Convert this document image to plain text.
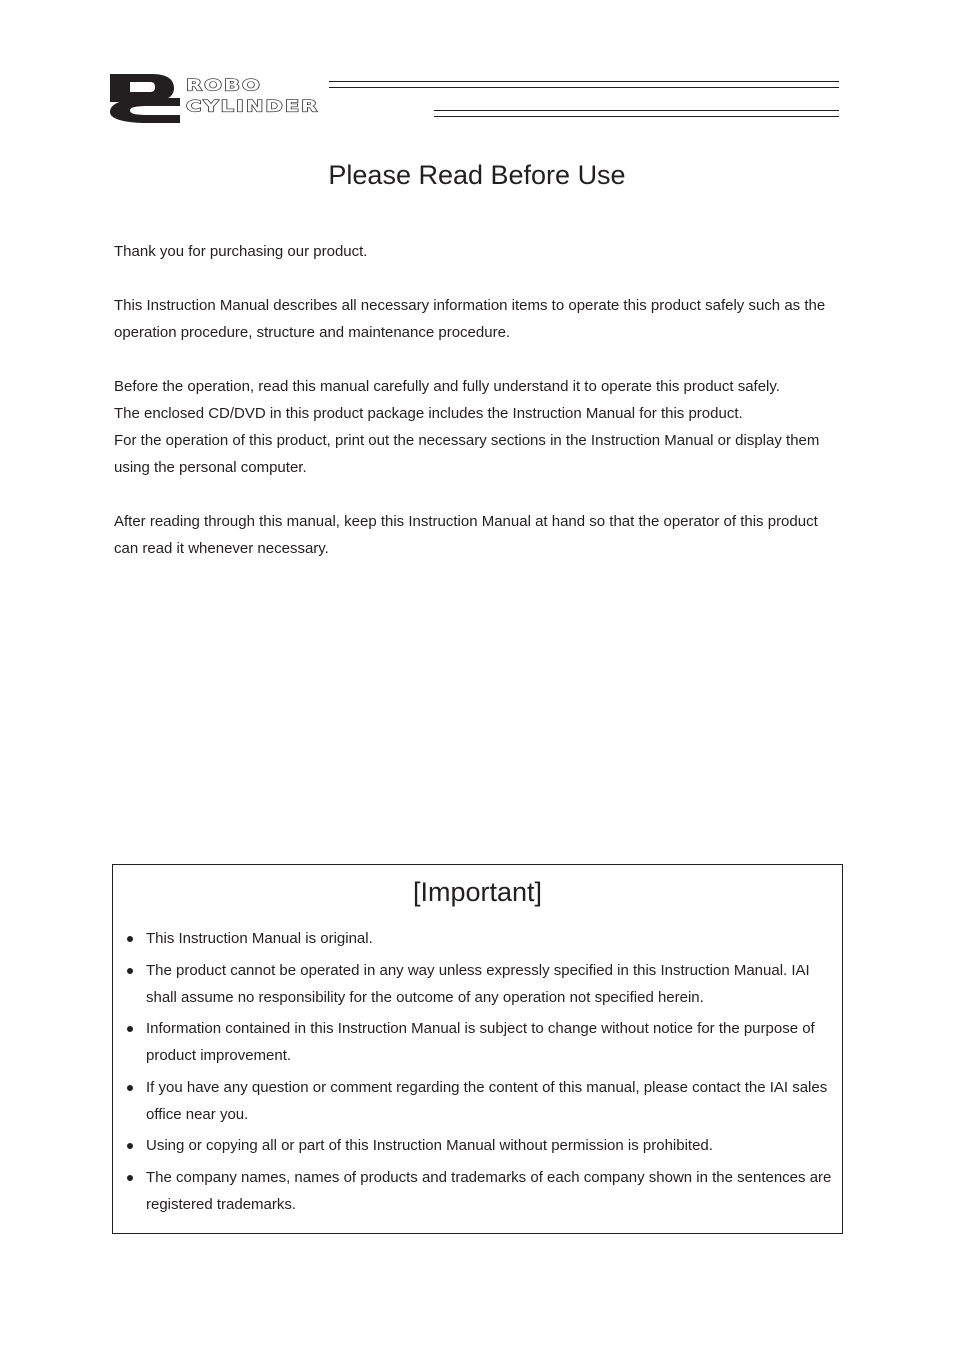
ROBO
CYLINDER
Please Read Before Use

Thank you for purchasing our product.

This Instruction Manual describes all necessary information items to operate this product safely such as the operation procedure, structure and maintenance procedure.

Before the operation, read this manual carefully and fully understand it to operate this product safely.
The enclosed CD/DVD in this product package includes the Instruction Manual for this product.
For the operation of this product, print out the necessary sections in the Instruction Manual or display them using the personal computer.

After reading through this manual, keep this Instruction Manual at hand so that the operator of this product can read it whenever necessary.

[Important]
This Instruction Manual is original.
The product cannot be operated in any way unless expressly specified in this Instruction Manual. IAI shall assume no responsibility for the outcome of any operation not specified herein.
Information contained in this Instruction Manual is subject to change without notice for the purpose of product improvement.
If you have any question or comment regarding the content of this manual, please contact the IAI sales office near you.
Using or copying all or part of this Instruction Manual without permission is prohibited.
The company names, names of products and trademarks of each company shown in the sentences are registered trademarks.
